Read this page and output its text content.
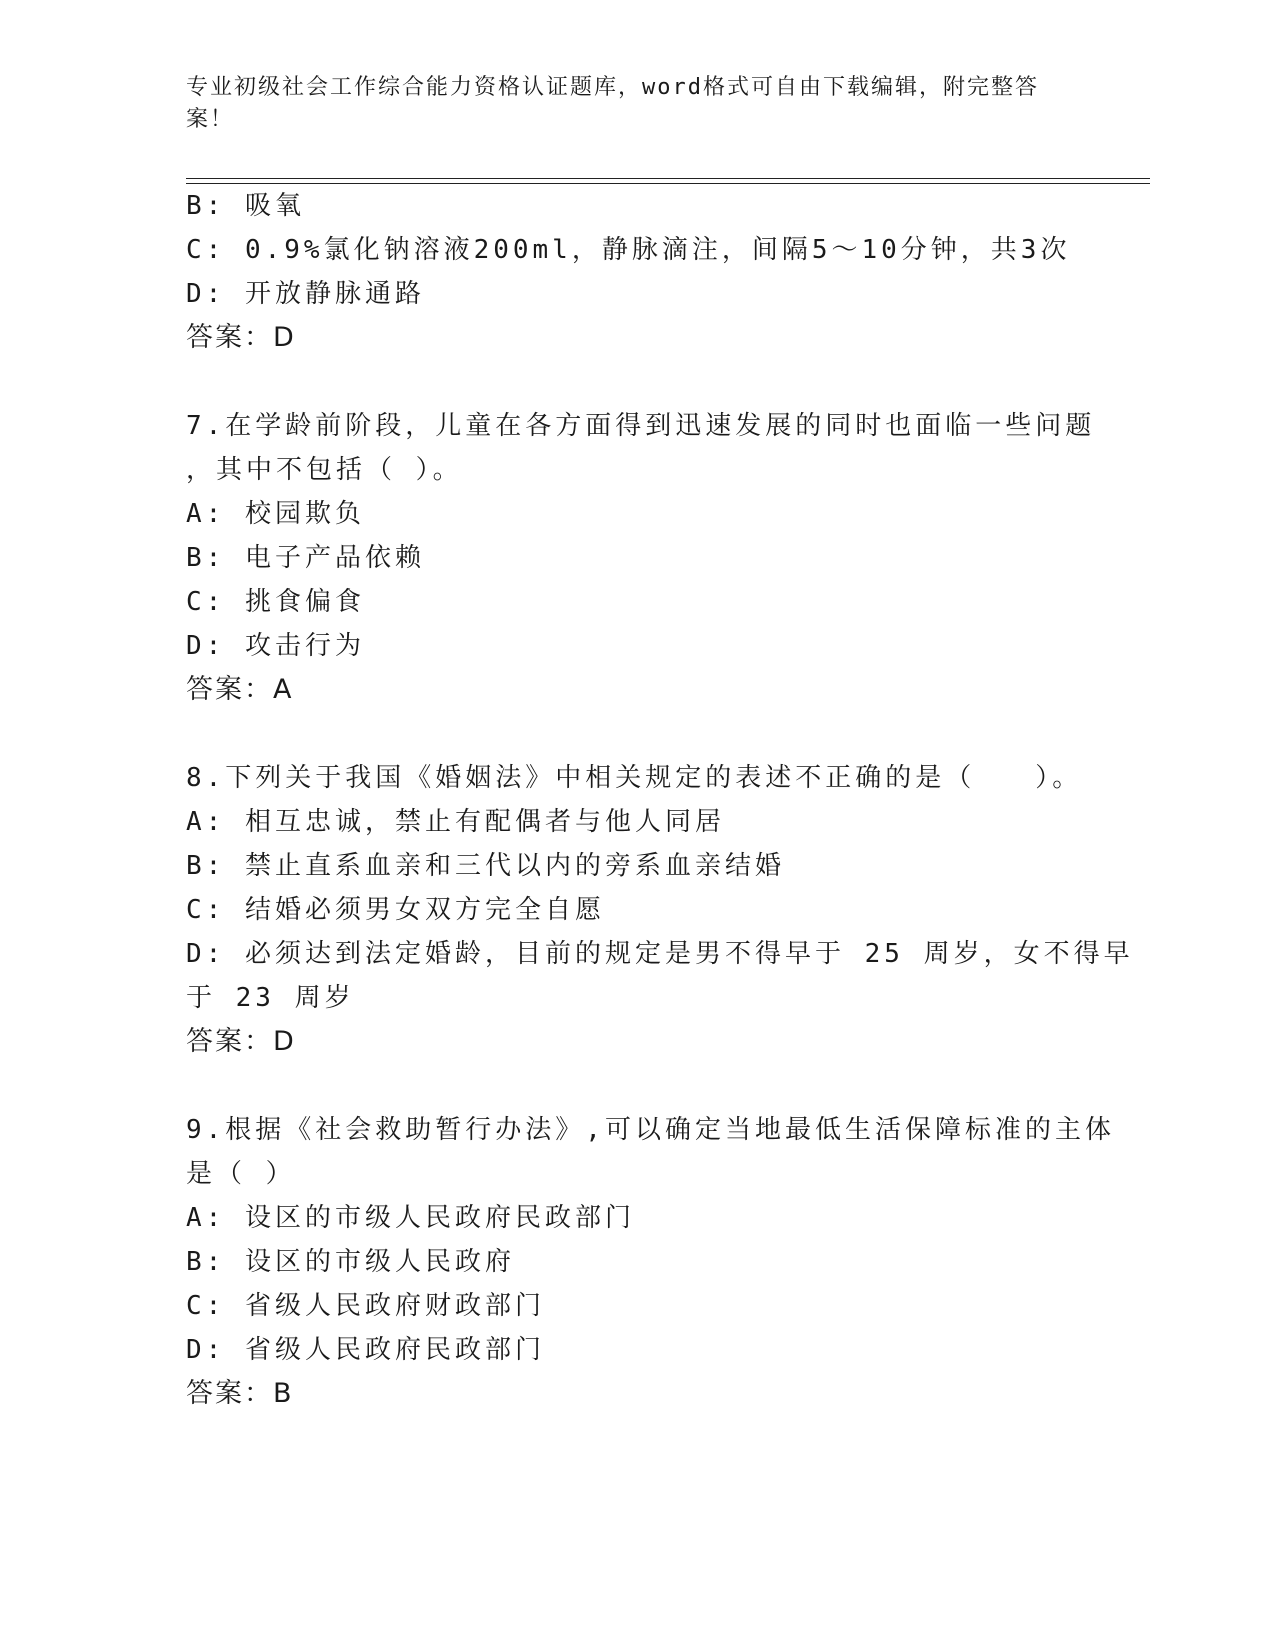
专业初级社会工作综合能力资格认证题库，word格式可自由下载编辑，附完整答
案！
B: 吸氧
C: 0.9%氯化钠溶液200ml，静脉滴注，间隔5～10分钟，共3次
D: 开放静脉通路
答案：D
7.在学龄前阶段，儿童在各方面得到迅速发展的同时也面临一些问题
，其中不包括（ ）。
A: 校园欺负
B: 电子产品依赖
C: 挑食偏食
D: 攻击行为
答案：A
8.下列关于我国《婚姻法》中相关规定的表述不正确的是（　　）。
A: 相互忠诚，禁止有配偶者与他人同居
B: 禁止直系血亲和三代以内的旁系血亲结婚
C: 结婚必须男女双方完全自愿
D: 必须达到法定婚龄，目前的规定是男不得早于 25 周岁，女不得早
于 23 周岁
答案：D
9.根据《社会救助暂行办法》,可以确定当地最低生活保障标准的主体
是（ ）
A: 设区的市级人民政府民政部门
B: 设区的市级人民政府
C: 省级人民政府财政部门
D: 省级人民政府民政部门
答案：B
